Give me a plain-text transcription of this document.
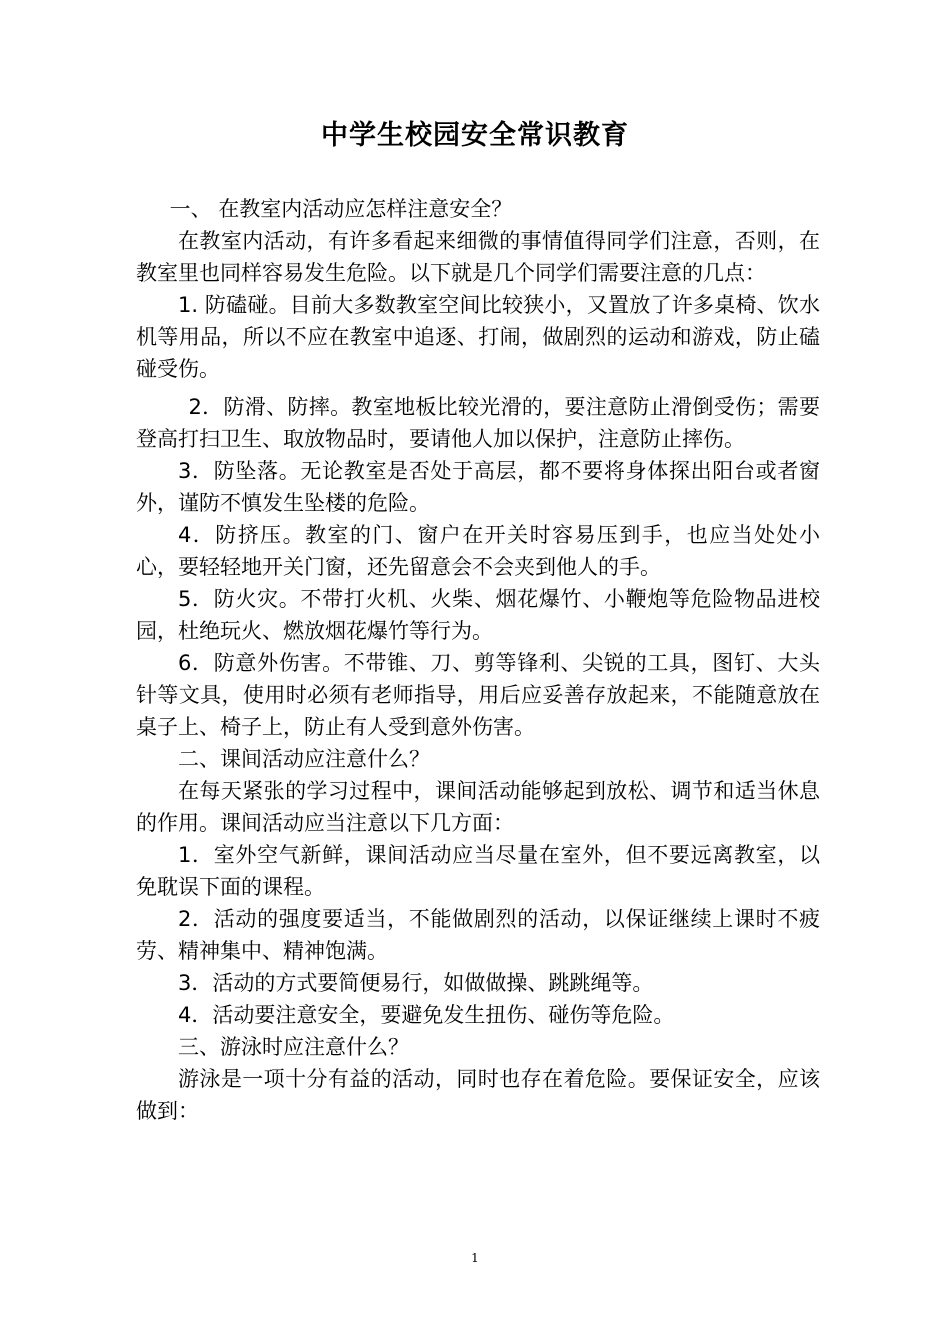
中学生校园安全常识教育

一、 在教室内活动应怎样注意安全？

在教室内活动，有许多看起来细微的事情值得同学们注意，否则，在教室里也同样容易发生危险。以下就是几个同学们需要注意的几点：

1. 防磕碰。目前大多数教室空间比较狭小，又置放了许多桌椅、饮水机等用品，所以不应在教室中追逐、打闹，做剧烈的运动和游戏，防止磕碰受伤。

2．防滑、防摔。教室地板比较光滑的，要注意防止滑倒受伤；需要登高打扫卫生、取放物品时，要请他人加以保护，注意防止摔伤。

3．防坠落。无论教室是否处于高层，都不要将身体探出阳台或者窗外，谨防不慎发生坠楼的危险。

4．防挤压。教室的门、窗户在开关时容易压到手，也应当处处小心，要轻轻地开关门窗，还先留意会不会夹到他人的手。

5．防火灾。不带打火机、火柴、烟花爆竹、小鞭炮等危险物品进校园，杜绝玩火、燃放烟花爆竹等行为。

6．防意外伤害。不带锥、刀、剪等锋利、尖锐的工具，图钉、大头针等文具，使用时必须有老师指导，用后应妥善存放起来，不能随意放在桌子上、椅子上，防止有人受到意外伤害。

二、课间活动应注意什么？

在每天紧张的学习过程中，课间活动能够起到放松、调节和适当休息的作用。课间活动应当注意以下几方面：

1．室外空气新鲜，课间活动应当尽量在室外，但不要远离教室，以免耽误下面的课程。

2．活动的强度要适当，不能做剧烈的活动，以保证继续上课时不疲劳、精神集中、精神饱满。

3．活动的方式要简便易行，如做做操、跳跳绳等。

4．活动要注意安全，要避免发生扭伤、碰伤等危险。

三、游泳时应注意什么？

游泳是一项十分有益的活动，同时也存在着危险。要保证安全，应该做到：

1
